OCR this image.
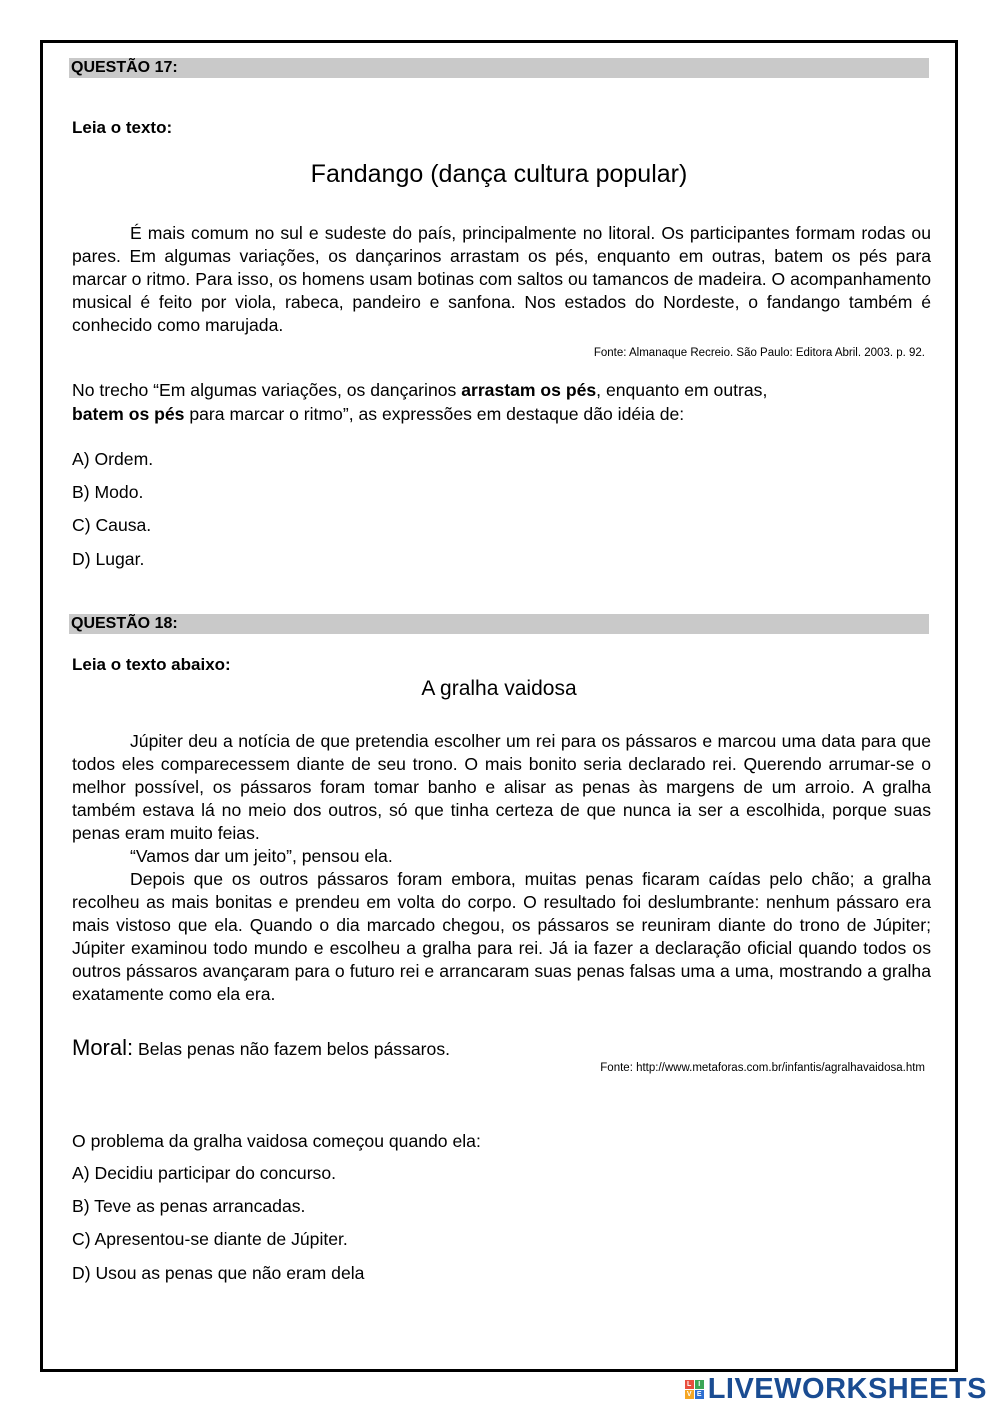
QUESTÃO 17:
Leia o texto:
Fandango (dança cultura popular)

É mais comum no sul e sudeste do país, principalmente no litoral. Os participantes formam rodas ou pares. Em algumas variações, os dançarinos arrastam os pés, enquanto em outras, batem os pés para marcar o ritmo. Para isso, os homens usam botinas com saltos ou tamancos de madeira. O acompanhamento musical é feito por viola, rabeca, pandeiro e sanfona. Nos estados do Nordeste, o fandango também é conhecido como marujada.

Fonte: Almanaque Recreio. São Paulo: Editora Abril. 2003. p. 92.
No trecho “Em algumas variações, os dançarinos arrastam os pés, enquanto em outras,
batem os pés para marcar o ritmo”, as expressões em destaque dão idéia de:
A) Ordem.
B) Modo.
C) Causa.
D) Lugar.
QUESTÃO 18:
Leia o texto abaixo:
A gralha vaidosa

Júpiter deu a notícia de que pretendia escolher um rei para os pássaros e marcou uma data para que todos eles comparecessem diante de seu trono. O mais bonito seria declarado rei. Querendo arrumar-se o melhor possível, os pássaros foram tomar banho e alisar as penas às margens de um arroio. A gralha também estava lá no meio dos outros, só que tinha certeza de que nunca ia ser a escolhida, porque suas penas eram muito feias.

“Vamos dar um jeito”, pensou ela.

Depois que os outros pássaros foram embora, muitas penas ficaram caídas pelo chão; a gralha recolheu as mais bonitas e prendeu em volta do corpo. O resultado foi deslumbrante: nenhum pássaro era mais vistoso que ela. Quando o dia marcado chegou, os pássaros se reuniram diante do trono de Júpiter; Júpiter examinou todo mundo e escolheu a gralha para rei. Já ia fazer a declaração oficial quando todos os outros pássaros avançaram para o futuro rei e arrancaram suas penas falsas uma a uma, mostrando a gralha exatamente como ela era.

Moral: Belas penas não fazem belos pássaros.
Fonte: http://www.metaforas.com.br/infantis/agralhavaidosa.htm
O problema da gralha vaidosa começou quando ela:
A) Decidiu participar do concurso.
B) Teve as penas arrancadas.
C) Apresentou-se diante de Júpiter.
D) Usou as penas que não eram dela
L I
V E LIVEWORKSHEETS
